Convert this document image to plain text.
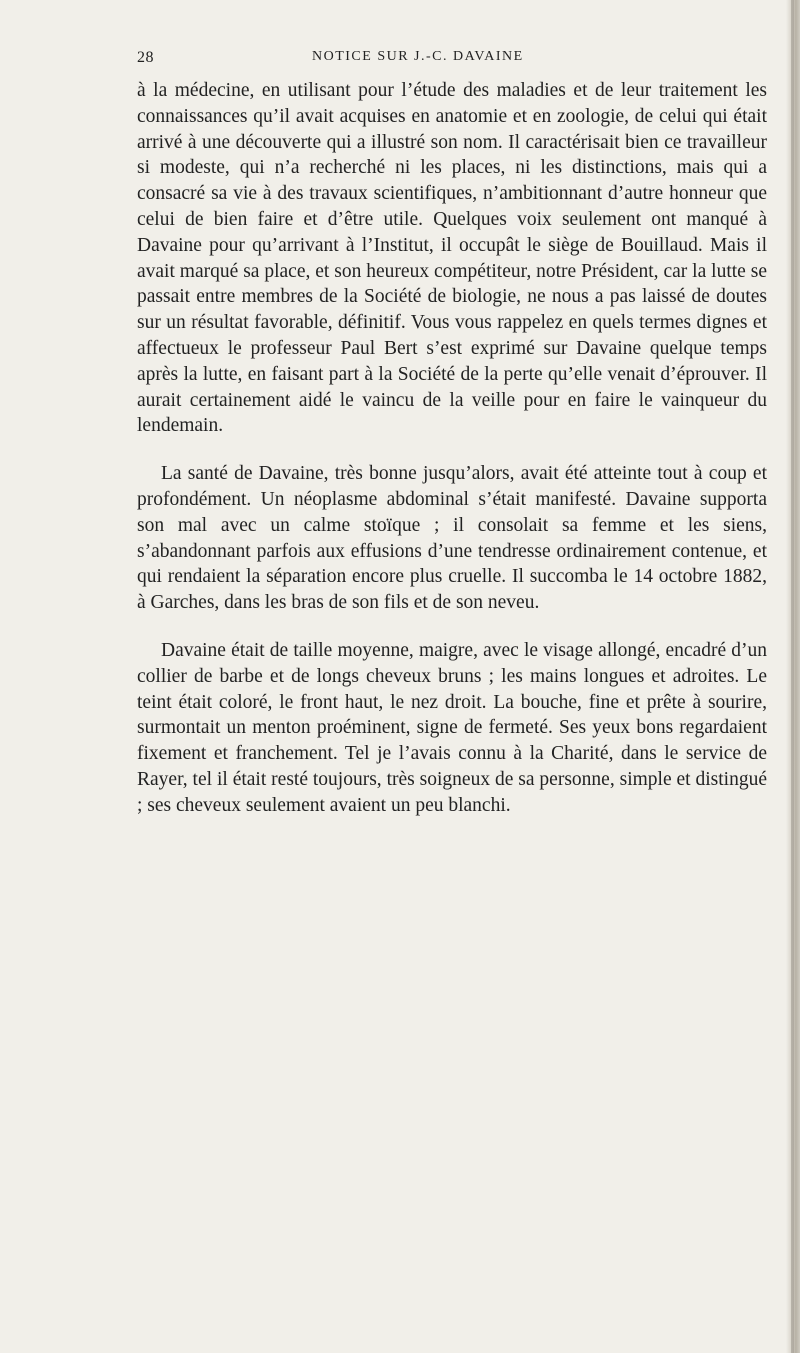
28	NOTICE SUR J.-C. DAVAINE

à la médecine, en utilisant pour l’étude des maladies et de leur traitement les connaissances qu’il avait acquises en anatomie et en zoologie, de celui qui était arrivé à une découverte qui a illustré son nom. Il caractérisait bien ce travailleur si modeste, qui n’a recherché ni les places, ni les distinctions, mais qui a consacré sa vie à des travaux scientifiques, n’ambitionnant d’autre honneur que celui de bien faire et d’être utile. Quelques voix seulement ont manqué à Davaine pour qu’arrivant à l’Institut, il occupât le siège de Bouillaud. Mais il avait marqué sa place, et son heureux compétiteur, notre Président, car la lutte se passait entre membres de la Société de biologie, ne nous a pas laissé de doutes sur un résultat favorable, définitif. Vous vous rappelez en quels termes dignes et affectueux le professeur Paul Bert s’est exprimé sur Davaine quelque temps après la lutte, en faisant part à la Société de la perte qu’elle venait d’éprouver. Il aurait certainement aidé le vaincu de la veille pour en faire le vainqueur du lendemain.

La santé de Davaine, très bonne jusqu’alors, avait été atteinte tout à coup et profondément. Un néoplasme abdominal s’était manifesté. Davaine supporta son mal avec un calme stoïque ; il consolait sa femme et les siens, s’abandonnant parfois aux effusions d’une tendresse ordinairement contenue, et qui rendaient la séparation encore plus cruelle. Il succomba le 14 octobre 1882, à Garches, dans les bras de son fils et de son neveu.

Davaine était de taille moyenne, maigre, avec le visage allongé, encadré d’un collier de barbe et de longs cheveux bruns ; les mains longues et adroites. Le teint était coloré, le front haut, le nez droit. La bouche, fine et prête à sourire, surmontait un menton proéminent, signe de fermeté. Ses yeux bons regardaient fixement et franchement. Tel je l’avais connu à la Charité, dans le service de Rayer, tel il était resté toujours, très soigneux de sa personne, simple et distingué ; ses cheveux seulement avaient un peu blanchi.
